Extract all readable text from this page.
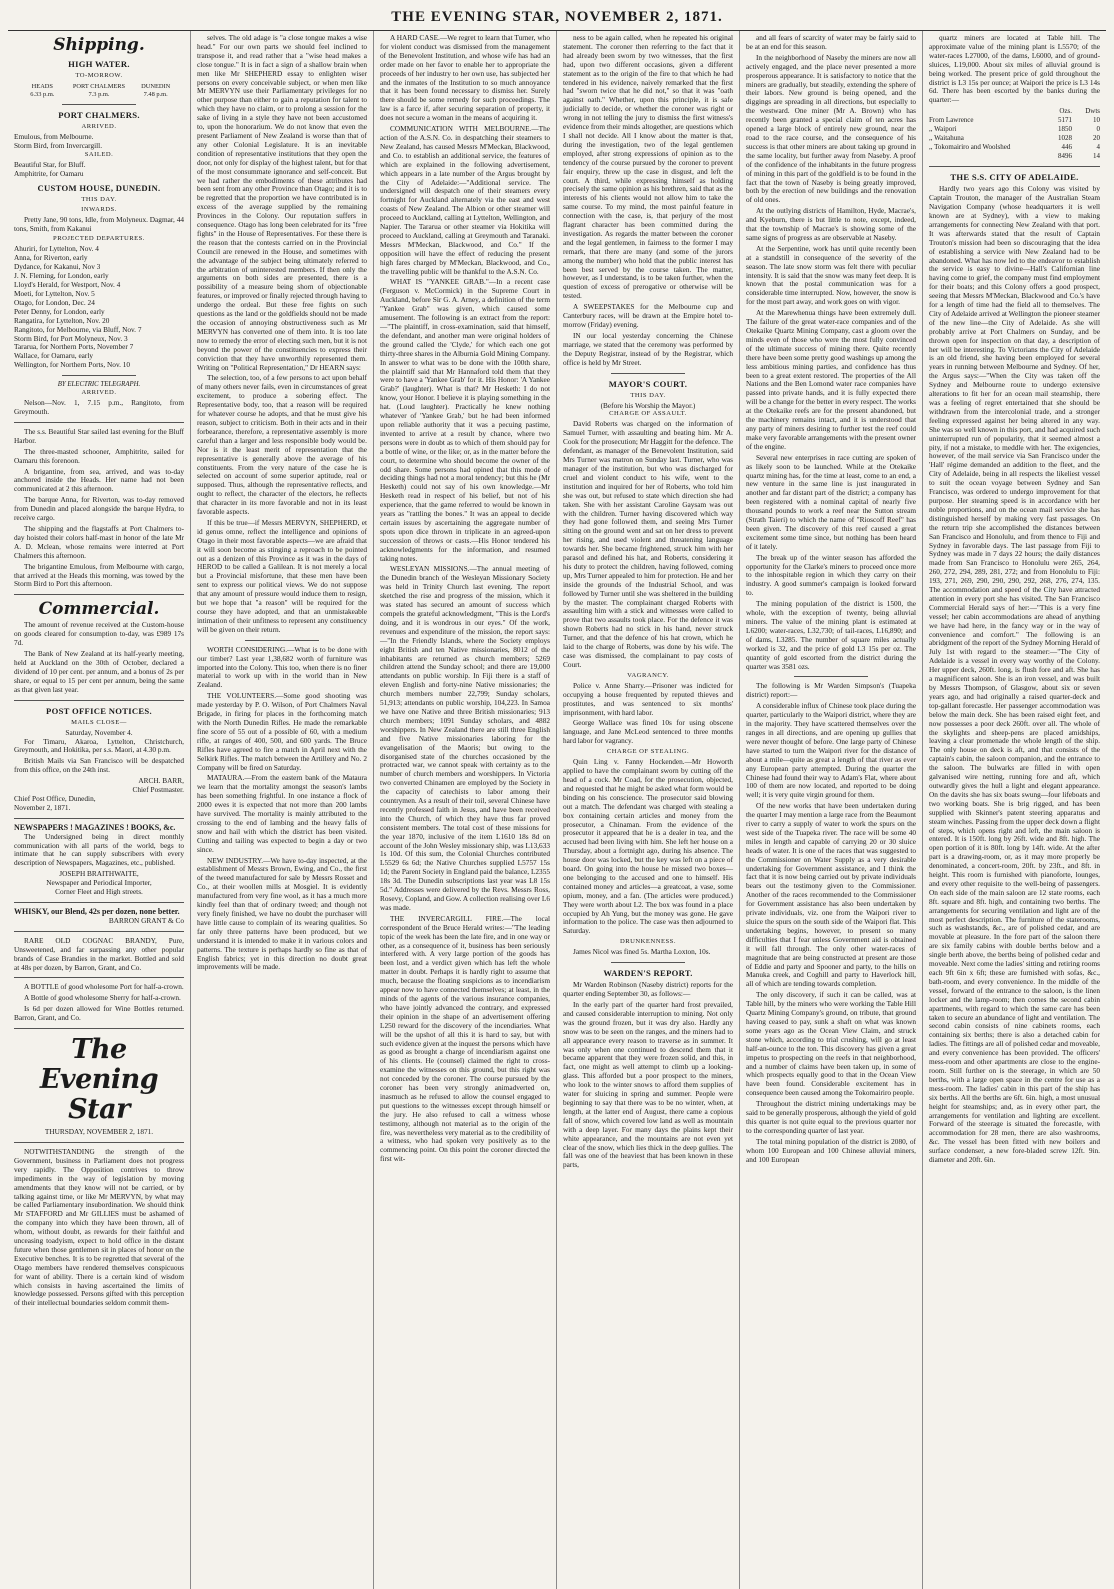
THE EVENING STAR, NOVEMBER 2, 1871.
Shipping.
HIGH WATER.
TO-MORROW.
HEADS
6.33 p.m.
PORT CHALMERS
7.3 p.m.
DUNEDIN
7.48 p.m.
PORT CHALMERS.
ARRIVED.
Emulous, from Melbourne.
Storm Bird, from Invercargill.
SAILED.
Beautiful Star, for Bluff.
Amphitrite, for Oamaru
CUSTOM HOUSE, DUNEDIN.
THIS DAY.
INWARDS.

Pretty Jane, 90 tons, Idle, from Molyneux. Dagmar, 44 tons, Smith, from Kakanui

PROJECTED DEPARTURES.
Ahuriri, for Lyttelton, Nov. 4
Anna, for Riverton, early
Dydance, for Kakanui, Nov 3
J. N. Fleming, for London, early
Lloyd's Herald, for Westport, Nov. 4
Moeti, for Lyttelton, Nov. 5
Otago, for London, Dec. 24
Peter Denny, for London, early
Rangatira, for Lyttelton, Nov. 20
Rangitoto, for Melbourne, via Bluff, Nov. 7
Storm Bird, for Port Molyneux, Nov. 3
Tararua, for Northern Ports, November 7
Wallace, for Oamaru, early
Wellington, for Northern Ports, Nov. 10
BY ELECTRIC TELEGRAPH.
ARRIVED.

Nelson—Nov. 1, 7.15 p.m., Rangitoto, from Greymouth.

The s.s. Beautiful Star sailed last evening for the Bluff Harbor.

The three-masted schooner, Amphitrite, sailed for Oamaru this forenoon.

A brigantine, from sea, arrived, and was to-day anchored inside the Heads. Her name had not been communicated at 2 this afternoon.

The barque Anna, for Riverton, was to-day removed from Dunedin and placed alongside the barque Hydra, to receive cargo.

The shipping and the flagstaffs at Port Chalmers to-day hoisted their colors half-mast in honor of the late Mr A. D. Mclean, whose remains were interred at Port Chalmers this afternoon.

The brigantine Emulous, from Melbourne with cargo, that arrived at the Heads this morning, was towed by the Storm Bird to Port this afternoon.

Commercial.

The amount of revenue received at the Custom-house on goods cleared for consumption to-day, was £989 17s 7d.

The Bank of New Zealand at its half-yearly meeting, held at Auckland on the 30th of October, declared a dividend of 10 per cent. per annum, and a bonus of 2s per share, or equal to 15 per cent per annum, being the same as that given last year.

POST OFFICE NOTICES.
MAILS CLOSE—
Saturday, November 4.

For Timaru, Akaroa, Lyttelton, Christchurch, Greymouth, and Hokitika, per s.s. Maori, at 4.30 p.m.

British Mails via San Francisco will be despatched from this office, on the 24th inst.

ARCH. BARR,
Chief Postmaster.
Chief Post Office, Dunedin,
November 2, 1871.
NEWSPAPERS ! MAGAZINES ! BOOKS, &c.

The Undersigned being in direct monthly communication with all parts of the world, begs to intimate that he can supply subscribers with every description of Newspapers, Magazines, etc., published.

JOSEPH BRAITHWAITE,
Newspaper and Periodical Importer,
Corner Fleet and High streets.
WHISKY, our Blend, 42s per dozen, none better.
BARRON GRANT & Co

RARE OLD COGNAC BRANDY, Pure, Unsweetened, and far surpassing any other popular brands of Case Brandies in the market. Bottled and sold at 48s per dozen, by Barron, Grant, and Co.

A BOTTLE of good wholesome Port for half-a-crown.

A Bottle of good wholesome Sherry for half-a-crown.

Is 6d per dozen allowed for Wine Bottles returned. Barron, Grant, and Co.

The Evening Star
THURSDAY, NOVEMBER 2, 1871.

NOTWITHSTANDING the strength of the Government, business in Parliament does not progress very rapidly. The Opposition contrives to throw impediments in the way of legislation by moving amendments that they know will not be carried, or by talking against time, or like Mr MERVYN, by what may be called Parliamentary insubordination. We should think Mr STAFFORD and Mr GILLIES must be ashamed of the company into which they have been thrown, all of whom, without doubt, as rewards for their faithful and unceasing toadyism, expect to hold office in the distant future when those gentlemen sit in places of honor on the Executive benches. It is to be regretted that several of the Otago members have rendered themselves conspicuous for want of ability. There is a certain kind of wisdom which consists in having ascertained the limits of knowledge possessed. Persons gifted with this perception of their intellectual boundaries seldom commit them-

selves. The old adage is "a close tongue makes a wise head." For our own parts we should feel inclined to transpose it, and read rather that a "wise head makes a close tongue." It is in fact a sign of a shallow brain when men like Mr SHEPHERD essay to enlighten wiser persons on every conceivable subject, or when men like Mr MERVYN use their Parliamentary privileges for no other purpose than either to gain a reputation for talent to which they have no claim, or to prolong a session for the sake of living in a style they have not been accustomed to, upon the honorarium. We do not know that even the present Parliament of New Zealand is worse than that of any other Colonial Legislature. It is an inevitable condition of representative institutions that they open the door, not only for display of the highest talent, but for that of the most consummate ignorance and self-conceit. But we had rather the embodiments of these attributes had been sent from any other Province than Otago; and it is to be regretted that the proportion we have contributed is in excess of the average supplied by the remaining Provinces in the Colony. Our reputation suffers in consequence. Otago has long been celebrated for its "free fights" in the House of Representatives. For these there is the reason that the contests carried on in the Provincial Council are renewed in the House, and sometimes with the advantage of the subject being ultimately referred to the arbitration of uninterested members. If then only the arguments on both sides are presented, there is a possibility of a measure being shorn of objectionable features, or improved or finally rejected through having to undergo the ordeal. But these free fights on such questions as the land or the goldfields should not be made the occasion of annoying obstructiveness such as Mr MERVYN has converted one of them into. It is too late now to remedy the error of electing such men, but it is not beyond the power of the constituencies to express their conviction that they have unworthily represented them. Writing on "Political Representation," Dr HEARN says:

The selection, too, of a few persons to act upon behalf of many others never fails, even in circumstances of great excitement, to produce a sobering effect. The Representative body, too, that a reason will be required for whatever course he adopts, and that he must give his reason, subject to criticism. Both in their acts and in their forbearance, therefore, a representative assembly is more careful than a larger and less responsible body would be. Nor is it the least merit of representation that the representative is generally above the average of his constituents. From the very nature of the case he is selected on account of some superior aptitude, real or supposed. Thus, although the representative reflects, and ought to reflect, the character of the electors, he reflects that character in its more favorable and not in its least favorable aspects.

If this be true—if Messrs MERVYN, SHEPHERD, et id genus omne, reflect the intelligence and opinions of Otago in their most favorable aspects—we are afraid that it will soon become as stinging a reproach to be pointed out as a denizen of this Province as it was in the days of HEROD to be called a Galilean. It is not merely a local but a Provincial misfortune, that these men have been sent to express our political views. We do not suppose that any amount of pressure would induce them to resign, but we hope that "a reason" will be required for the course they have adopted, and that an unmistakeable intimation of their unfitness to represent any constituency will be given on their return.

WORTH CONSIDERING.—What is to be done with our timber? Last year 1,38,682 worth of furniture was imported into the Colony. This too, when there is no finer material to work up with in the world than in New Zealand.

THE VOLUNTEERS.—Some good shooting was made yesterday by P. O. Wilson, of Port Chalmers Naval Brigade, in firing for places in the forthcoming match with the North Dunedin Rifles. He made the remarkable fine score of 55 out of a possible of 60, with a medium rifle, at ranges of 400, 500, and 600 yards. The Bruce Rifles have agreed to fire a match in April next with the Selkirk Rifles. The match between the Artillery and No. 2 Company will be fired on Saturday.

MATAURA.—From the eastern bank of the Mataura we learn that the mortality amongst the season's lambs has been something frightful. In one instance a flock of 2000 ewes it is expected that not more than 200 lambs have survived. The mortality is mainly attributed to the crossing to the end of lambing and the heavy falls of snow and hail with which the district has been visited. Cutting and tailing was expected to begin a day or two since.

NEW INDUSTRY.—We have to-day inspected, at the establishment of Messrs Brown, Ewing, and Co., the first of the tweed manufactured for sale by Messrs Rosset and Co., at their woollen mills at Mosgiel. It is evidently manufactured from very fine wool, as it has a much more kindly feel than that of ordinary tweed; and though not very finely finished, we have no doubt the purchaser will have little cause to complain of its wearing qualities. So far only three patterns have been produced, but we understand it is intended to make it in various colors and patterns. The texture is perhaps hardly so fine as that of English fabrics; yet in this direction no doubt great improvements will be made.

A HARD CASE.—We regret to learn that Turner, who for violent conduct was dismissed from the management of the Benevolent Institution, and whose wife has had an order made on her favor to enable her to appropriate the proceeds of her industry to her own use, has subjected her and the inmates of the Institution to so much annoyance that it has been found necessary to dismiss her. Surely there should be some remedy for such proceedings. The law is a farce if, after securing separation of property, it does not secure a woman in the means of acquiring it.

COMMUNICATION WITH MELBOURNE.—The action of the A.S.N. Co. in despatching their steamers to New Zealand, has caused Messrs M'Meckan, Blackwood, and Co. to establish an additional service, the features of which are explained in the following advertisement, which appears in a late number of the Argus brought by the City of Adelaide:—"Additional service. The undersigned will despatch one of their steamers every fortnight for Auckland alternately via the east and west coasts of New Zealand. The Albion or other steamer will proceed to Auckland, calling at Lyttelton, Wellington, and Napier. The Tararua or other steamer via Hokitika will proceed to Auckland, calling at Greymouth and Taranaki. Messrs M'Meckan, Blackwood, and Co." If the opposition will have the effect of reducing the present high fares charged by M'Meckan, Blackwood, and Co., the travelling public will be thankful to the A.S.N. Co.

WHAT IS "YANKEE GRAB."—In a recent case (Ferguson v. McCormick) in the Supreme Court in Auckland, before Sir G. A. Arney, a definition of the term "Yankee Grab" was given, which caused some amusement. The following is an extract from the report:—"The plaintiff, in cross-examination, said that himself, the defendant, and another man were original holders of the ground called the 'Clyde,' for which each one got thirty-three shares in the Alburnia Gold Mining Company. In answer to what was to be done with the 100th share, the plaintiff said that Mr Hannaford told them that they were to have a 'Yankee Grab' for it. His Honor: 'A Yankee Grab?' (laughter). What is that? Mr Hesketh: I do not know, your Honor. I believe it is playing something in the hat. (Loud laughter). Practically he knew nothing whatever of 'Yankee Grab,' but he had been informed upon reliable authority that it was a pecuing pastime, invented to arrive at a result by chance, where two persons were in doubt as to which of them should pay for a bottle of wine, or the like; or, as in the matter before the court, to determine who should become the owner of the odd share. Some persons had opined that this mode of deciding things had not a moral tendency; but this he (Mr Hesketh) could not say of his own knowledge.—Mr Hesketh read in respect of his belief, but not of his experience, that the game referred to would be known in years as "rattling the bones." It was an appeal to decide certain issues by ascertaining the aggregate number of spots upon dice thrown in triplicate in an agreed-upon succession of throws or casts.—His Honor tendered his acknowledgments for the information, and resumed taking notes.

WESLEYAN MISSIONS.—The annual meeting of the Dunedin branch of the Wesleyan Missionary Society was held in Trinity Church last evening. The report sketched the rise and progress of the mission, which it was stated has secured an amount of success which compels the grateful acknowledgment, "This is the Lord's doing, and it is wondrous in our eyes." Of the work, revenues and expenditure of the mission, the report says:—"In the Friendly Islands, where the Society employs eight British and ten Native missionaries, 8012 of the inhabitants are returned as church members; 5269 children attend the Sunday school; and there are 19,000 attendants on public worship. In Fiji there is a staff of eleven English and forty-nine Native missionaries; the church members number 22,799; Sunday scholars, 51,913; attendants on public worship, 104,223. In Samoa we have one Native and three British missionaries; 913 church members; 1091 Sunday scholars, and 4882 worshippers. In New Zealand there are still three English and five Native missionaries laboring for the evangelisation of the Maoris; but owing to the disorganised state of the churches occasioned by the protracted war, we cannot speak with certainty as to the number of church members and worshippers. In Victoria two converted Chinamen are employed by the Society in the capacity of catechists to labor among their countrymen. As a result of their toil, several Chinese have recently professed faith in Jesus, and have been received into the Church, of which they have thus far proved consistent members. The total cost of these missions for the year 1870, inclusive of the item L1610 18s 8d on account of the John Wesley missionary ship, was L13,633 1s 10d. Of this sum, the Colonial Churches contributed L5529 6s 6d; the Native Churches supplied L5757 15s 1d; the Parent Society in England paid the balance, L2355 18s 3d. The Dunedin subscriptions last year was L8 15s 5d." Addresses were delivered by the Revs. Messrs Ross, Rosevy, Copland, and Gow. A collection realising over L6 was made.

THE INVERCARGILL FIRE.—The local correspondent of the Bruce Herald writes:—"The leading topic of the week has been the late fire, and in one way or other, as a consequence of it, business has been seriously interfered with. A very large portion of the goods has been lost, and a verdict given which has left the whole matter in doubt. Perhaps it is hardly right to assume that much, because the floating suspicions as to incendiarism appear now to have connected themselves; at least, in the minds of the agents of the various insurance companies, who have jointly advanced the contrary, and expressed their opinion in the shape of an advertisement offering L250 reward for the discovery of the incendiaries. What will be the upshot of all this it is hard to say, but with such evidence given at the inquest the persons which have as good as brought a charge of incendiarism against one of his clients. He (counsel) claimed the right to cross-examine the witnesses on this ground, but this right was not conceded by the coroner. The course pursued by the coroner has been very strongly animadverted on, inasmuch as he refused to allow the counsel engaged to put questions to the witnesses except through himself or the jury. He also refused to call a witness whose testimony, although not material as to the origin of the fire, was nevertheless very material as to the credibility of a witness, who had spoken very positively as to the commencing point. On this point the coroner directed the first wit-

ness to be again called, when he repeated his original statement. The coroner then referring to the fact that it had already been sworn by two witnesses, that the first had, upon two different occasions, given a different statement as to the origin of the fire to that which he had tendered in his evidence, naively remarked that the first had "sworn twice that he did not," so that it was "oath against oath." Whether, upon this principle, it is safe judicially to decide, or whether the coroner was right or wrong in not telling the jury to dismiss the first witness's evidence from their minds altogether, are questions which I shall not decide. All I know about the matter is that, during the investigation, two of the legal gentlemen employed, after strong expressions of opinion as to the tendency of the course pursued by the coroner to prevent fair enquiry, threw up the case in disgust, and left the court. A third, while expressing himself as holding precisely the same opinion as his brethren, said that as the interests of his clients would not allow him to take the same course. To my mind, the most painful feature in connection with the case, is, that perjury of the most flagrant character has been committed during the investigation. As regards the matter between the coroner and the legal gentlemen, in fairness to the former I may remark, that there are many (and some of the jurors among the number) who hold that the public interest has been best served by the course taken. The matter, however, as I understand, is to be taken further, when the question of excess of prerogative or otherwise will be tested.

A SWEEPSTAKES for the Melbourne cup and Canterbury races, will be drawn at the Empire hotel to-morrow (Friday) evening.

IN our local yesterday concerning the Chinese marriage, we stated that the ceremony was performed by the Deputy Registrar, instead of by the Registrar, which office is held by Mr Street.

MAYOR'S COURT.
THIS DAY.
(Before his Worship the Mayor.)
CHARGE OF ASSAULT.

David Roberts was charged on the information of Samuel Turner, with assaulting and beating him. Mr A. Cook for the prosecution; Mr Haggitt for the defence. The defendant, as manager of the Benevolent Institution, said Mrs Turner was matron on Sunday last. Turner, who was manager of the institution, but who was discharged for cruel and violent conduct to his wife, went to the institution and inquired for her of Roberts, who told him she was out, but refused to state which direction she had taken. She with her assistant Caroline Gaysam was out with the children. Turner having discovered which way they had gone followed them, and seeing Mrs Turner sitting on the ground went and sat on her dress to prevent her rising, and used violent and threatening language towards her. She became frightened, struck him with her parasol and defined his hat, and Roberts, considering it his duty to protect the children, having followed, coming up, Mrs Turner appealed to him for protection. He and her inside the grounds of the Industrial School, and was followed by Turner until she was sheltered in the building by the master. The complainant charged Roberts with assaulting him with a stick and witnesses were called to prove that two assaults took place. For the defence it was shown Roberts had no stick in his hand, never struck Turner, and that the defence of his hat crown, which he laid to the charge of Roberts, was done by his wife. The case was dismissed, the complainant to pay costs of Court.

VAGRANCY.

Police v. Anne Sharry.—Prisoner was indicted for occupying a house frequented by reputed thieves and prostitutes, and was sentenced to six months' imprisonment, with hard labor.

George Wallace was fined 10s for using obscene language, and Jane McLeod sentenced to three months hard labor for vagrancy.

CHARGE OF STEALING.

Quin Ling v. Fanny Hockenden.—Mr Howorth applied to have the complainant sworn by cutting off the head of a cock. Mr Coad, for the prosecution, objected, and requested that he might be asked what form would be binding on his conscience. The prosecutor said blowing out a match. The defendant was charged with stealing a box containing certain articles and money from the prosecutor, a Chinaman. From the evidence of the prosecutor it appeared that he is a dealer in tea, and the accused had been living with him. She left her house on a Thursday, about a fortnight ago, during his absence. The house door was locked, but the key was left on a piece of board. On going into the house he missed two boxes—one belonging to the accused and one to himself. His contained money and articles—a greatcoat, a vase, some opium, money, and a fan. (The articles were produced.) They were worth about L2. The box was found in a place occupied by Ah Yung, but the money was gone. He gave information to the police. The case was then adjourned to Saturday.

DRUNKENNESS.

James Nicol was fined 5s. Martha Loxton, 10s.

WARDEN'S REPORT.

Mr Warden Robinson (Naseby district) reports for the quarter ending September 30, as follows:—

In the early part of the quarter hard frost prevailed, and caused considerable interruption to mining. Not only was the ground frozen, but it was dry also. Hardly any snow was to be seen on the ranges, and the miners had to all appearance every reason to traverse as in summer. It was only when one continued to descend them that it became apparent that they were frozen solid, and this, in fact, one might as well attempt to climb up a looking-glass. This afforded but a poor prospect to the miners, who look to the winter snows to afford them supplies of water for sluicing in spring and summer. People were beginning to say that there was to be no winter, when, at length, at the latter end of August, there came a copious fall of snow, which covered low land as well as mountain with a deep layer. For many days the plains kept their white appearance, and the mountains are not even yet clear of the snow, which lies thick in the deep gullies. The fall was one of the heaviest that has been known in these parts,

and all fears of scarcity of water may be fairly said to be at an end for this season.

In the neighborhood of Naseby the miners are now all actively engaged, and the place never presented a more prosperous appearance. It is satisfactory to notice that the miners are gradually, but steadily, extending the sphere of their labors. New ground is being opened, and the diggings are spreading in all directions, but especially to the westward. One miner (Mr A. Brown) who has recently been granted a special claim of ten acres has opened a large block of entirely new ground, near the road to the race course, and the consequence of his success is that other miners are about taking up ground in the same locality, but further away from Naseby. A proof of the confidence of the inhabitants in the future progress of mining in this part of the goldfield is to be found in the fact that the town of Naseby is being greatly improved, both by the erection of new buildings and the renovation of old ones.

At the outlying districts of Hamilton, Hyde, Macrae's, and Kyeburn, there is but little to note, except, indeed, that the township of Macrae's is showing some of the same signs of progress as are observable at Naseby.

At the Serpentine, work has until quite recently been at a standstill in consequence of the severity of the season. The late snow storm was felt there with peculiar intensity. It is said that the snow was many feet deep. It is known that the postal communication was for a considerable time interrupted. Now, however, the snow is for the most part away, and work goes on with vigor.

At the Marewhenua things have been extremely dull. The failure of the great water-race companies and of the Otekaike Quartz Mining Company, cast a gloom over the minds even of those who were the most fully convinced of the ultimate success of mining there. Quite recently there have been some pretty good washings up among the less ambitious mining parties, and confidence has thus been to a great extent restored. The properties of the All Nations and the Ben Lomond water race companies have passed into private hands, and it is fully expected there will be a change for the better in every respect. The works at the Otekaike reefs are for the present abandoned, but the machinery remains intact, and it is understood that any party of miners desiring to further test the reef could make very favorable arrangements with the present owner of the engine.

Several new enterprises in race cutting are spoken of as likely soon to be launched. While at the Otekaike quartz mining has, for the time at least, come to an end, a new venture in the same line is just inaugurated in another and far distant part of the district; a company has been registered with a nominal capital of nearly five thousand pounds to work a reef near the Sutton stream (Strath Taieri) to which the name of "Rioscoff Reef" has been given. The discovery of this reef caused a great excitement some time since, but nothing has been heard of it lately.

The break up of the winter season has afforded the opportunity for the Clarke's miners to proceed once more to the inhospitable region in which they carry on their industry. A good summer's campaign is looked forward to.

The mining population of the district is 1500, the whole, with the exception of twenty, being alluvial miners. The value of the mining plant is estimated at L6200; water-races, L32,730; of tail-races, L16,890; and of dams, L3285. The number of square miles actually worked is 32, and the price of gold L3 15s per oz. The quantity of gold escorted from the district during the quarter was 3581 ozs.

The following is Mr Warden Simpson's (Tuapeka district) report:—

A considerable influx of Chinese took place during the quarter, particularly to the Waipori district, where they are in the majority. They have scattered themselves over the ranges in all directions, and are opening up gullies that were never thought of before. One large party of Chinese have started to turn the Waipori river for the distance of about a mile—quite as great a length of that river as ever any European party attempted. During the quarter the Chinese had found their way to Adam's Flat, where about 100 of them are now located, and reported to be doing well; it is very quite virgin ground for them.

Of the new works that have been undertaken during the quarter I may mention a large race from the Beaumont river to carry a supply of water to work the spurs on the west side of the Tuapeka river. The race will be some 40 miles in length and capable of carrying 20 or 30 sluice heads of water. It is one of the races that was suggested to the Commissioner on Water Supply as a very desirable undertaking for Government assistance, and I think the fact that it is now being carried out by private individuals bears out the testimony given to the Commissioner. Another of the races recommended to the Commissioner for Government assistance has also been undertaken by private individuals, viz. one from the Waipori river to sluice the spurs on the south side of the Waipori flat. This undertaking begins, however, to present so many difficulties that I fear unless Government aid is obtained it will fall through. The only other water-races of magnitude that are being constructed at present are those of Eddie and party and Spooner and party, to the hills on Manuka creek, and Coghill and party to Haverlock hill, all of which are tending towards completion.

The only discovery, if such it can be called, was at Table hill, by the miners who were working the Table Hill Quartz Mining Company's ground, on tribute, that ground having ceased to pay, sunk a shaft on what was known some years ago as the Ocean View Claim, and struck stone which, according to trial crushing, will go at least half-an-ounce to the ton. This discovery has given a great impetus to prospecting on the reefs in that neighborhood, and a number of claims have been taken up, in some of which prospects equally good to that in the Ocean View have been found. Considerable excitement has in consequence been caused among the Tokomairiro people.

Throughout the district mining undertakings may be said to be generally prosperous, although the yield of gold this quarter is not quite equal to the previous quarter nor to the corresponding quarter of last year.

The total mining population of the district is 2080, of whom 100 European and 100 Chinese alluvial miners, and 100 European

quartz miners are located at Table hill. The approximate value of the mining plant is L5570; of the water-races L27000, of the dams, L6000, and of ground-sluices, L19,000. About six miles of alluvial ground is being worked. The present price of gold throughout the district is L3 15s per ounce; at Waipori the price is L3 14s 6d. There has been escorted by the banks during the quarter:—

Ozs.	Dwts
From Lawrence	5171	10
,, Waipori	1850	0
,, Waitahuna	1028	20
,, Tokomairiro and Woolshed	446	4
8496	14
THE S.S. CITY OF ADELAIDE.

Hardly two years ago this Colony was visited by Captain Trouton, the manager of the Australian Steam Navigation Company (whose headquarters it is well known are at Sydney), with a view to making arrangements for connecting New Zealand with that port. It was afterwards stated that the result of Captain Trouton's mission had been so discouraging that the idea of establishing a service with New Zealand had to be abandoned. What has now led to the endeavor to establish the service is easy to divine—Hall's Californian line having come to grief, the company must find employment for their boats; and this Colony offers a good prospect, seeing that Messrs M'Meckan, Blackwood and Co.'s have for a length of time had the field all to themselves. The City of Adelaide arrived at Wellington the pioneer steamer of the new line—the City of Adelaide. As she will probably arrive at Port Chalmers on Sunday, and be thrown open for inspection on that day, a description of her will be interesting. To Victorians the City of Adelaide is an old friend, she having been employed for several years in running between Melbourne and Sydney. Of her, the Argus says:—"When the City was taken off the Sydney and Melbourne route to undergo extensive alterations to fit her for an ocean mail steamship, there was a feeling of regret entertained that she should be withdrawn from the intercolonial trade, and a stronger feeling expressed against her being altered in any way. She was so well known in this port, and had acquired such uninterrupted run of popularity, that it seemed almost a pity, if not a mistake, to meddle with her. The exigencies, however, of the mail service via San Francisco under the 'Hall' régime demanded an addition to the fleet, and the City of Adelaide, being in all respects the likeliest vessel to suit the ocean voyage between Sydney and San Francisco, was ordered to undergo improvement for that purpose. Her steaming speed is in accordance with her noble proportions, and on the ocean mail service she has distinguished herself by making very fast passages. On the return trip she accomplished the distances between San Francisco and Honolulu, and from thence to Fiji and Sydney in favorable days. The last passage from Fiji to Sydney was made in 7 days 22 hours; the daily distances made from San Francisco to Honolulu were 265, 264, 260, 272, 294, 289, 281, 272; and from Honolulu to Fiji: 193, 271, 269, 290, 290, 290, 292, 268, 276, 274, 135. The accommodation and speed of the City have attracted attention in every port she has visited. The San Francisco Commercial Herald says of her:—"This is a very fine vessel; her cabin accommodations are ahead of anything we have had here, in the fancy way or in the way of convenience and comfort." The following is an abridgment of the report of the Sydney Morning Herald of July 1st with regard to the steamer:—"The City of Adelaide is a vessel in every way worthy of the Colony. Her upper deck, 260ft. long, is flush fore and aft. She has a magnificent saloon. She is an iron vessel, and was built by Messrs Thompson, of Glasgow, about six or seven years ago, and had originally a raised quarter-deck and top-gallant forecastle. Her passenger accommodation was below the main deck. She has been raised eight feet, and now possesses a poor deck 260ft. over all. The whole of the skylights and sheep-pens are placed amidships, leaving a clear promenade the whole length of the ship. The only house on deck is aft, and that consists of the captain's cabin, the saloon companion, and the entrance to the saloon. The bulwarks are filled in with open galvanised wire netting, running fore and aft, which outwardly gives the hull a light and elegant appearance. On the davits she has six boats swung—four lifeboats and two working boats. She is brig rigged, and has been supplied with Skinner's patent steering apparatus and steam winches. Passing from the upper deck down a flight of steps, which opens right and left, the main saloon is entered. It is 150ft. long by 26ft. wide and 8ft. high. The open portion of it is 80ft. long by 14ft. wide. At the after part is a drawing-room, or, as it may more properly be denominated, a concert-room, 20ft. by 23ft., and 8ft. in height. This room is furnished with pianoforte, lounges, and every other requisite to the well-being of passengers. On each side of the main saloon are 12 state rooms, each 8ft. square and 8ft. high, and containing two berths. The arrangements for securing ventilation and light are of the most perfect description. The furniture of the staterooms, such as washstands, &c., are of polished cedar, and are movable at pleasure. In the fore part of the saloon there are six family cabins with double berths below and a single berth above, the berths being of polished cedar and moveable. Next come the ladies' sitting and retiring rooms each 9ft 6in x 6ft; these are furnished with sofas, &c., bath-room, and every convenience. In the middle of the vessel, forward of the entrance to the saloon, is the linen locker and the lamp-room; then comes the second cabin apartments, with regard to which the same care has been taken to secure an abundance of light and ventilation. The second cabin consists of nine cabinets rooms, each containing six berths; there is also a detached cabin for ladies. The fittings are all of polished cedar and moveable, and every convenience has been provided. The officers' mess-room and other apartments are close to the engine-room. Still further on is the steerage, in which are 50 berths, with a large open space in the centre for use as a mess-room. The ladies' cabin in this part of the ship has six berths. All the berths are 6ft. 6in. high, a most unusual height for steamships; and, as in every other part, the arrangements for ventilation and lighting are excellent. Forward of the steerage is situated the forecastle, with accommodation for 28 men, there are also washrooms, &c. The vessel has been fitted with new boilers and surface condenser, a new fore-bladed screw 12ft. 9in. diameter and 20ft. 6in.
